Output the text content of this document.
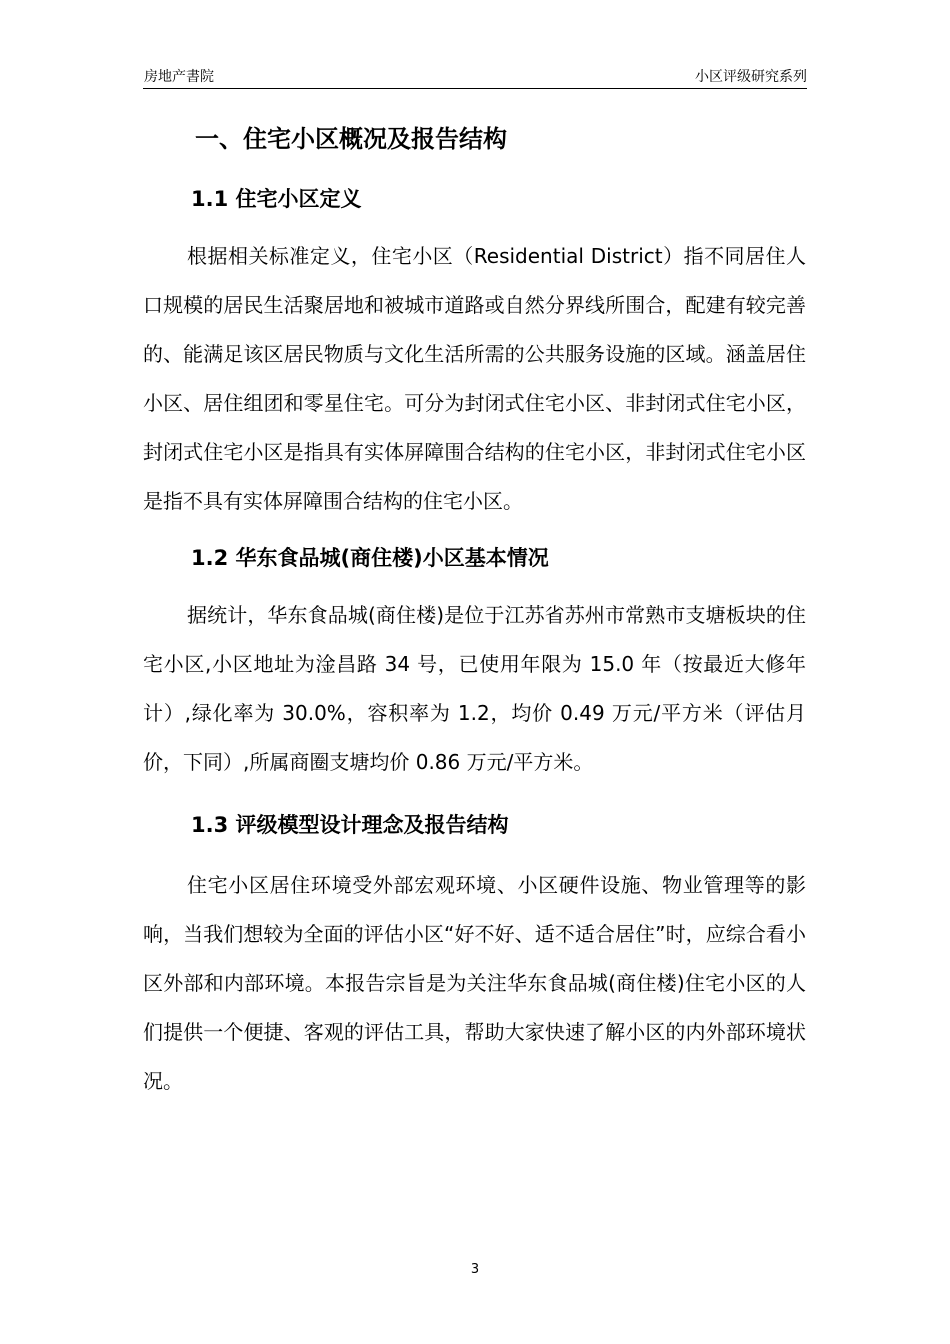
房地产書院	小区评级研究系列
一、住宅小区概况及报告结构
1.1 住宅小区定义

根据相关标准定义，住宅小区（Residential District）指不同居住人口规模的居民生活聚居地和被城市道路或自然分界线所围合，配建有较完善的、能满足该区居民物质与文化生活所需的公共服务设施的区域。涵盖居住小区、居住组团和零星住宅。可分为封闭式住宅小区、非封闭式住宅小区，封闭式住宅小区是指具有实体屏障围合结构的住宅小区，非封闭式住宅小区是指不具有实体屏障围合结构的住宅小区。

1.2 华东食品城(商住楼)小区基本情况

据统计，华东食品城(商住楼)是位于江苏省苏州市常熟市支塘板块的住宅小区,小区地址为淦昌路 34 号，已使用年限为 15.0 年（按最近大修年计）,绿化率为 30.0%，容积率为 1.2，均价 0.49 万元/平方米（评估月价，下同）,所属商圈支塘均价 0.86 万元/平方米。

1.3 评级模型设计理念及报告结构

住宅小区居住环境受外部宏观环境、小区硬件设施、物业管理等的影响，当我们想较为全面的评估小区“好不好、适不适合居住”时，应综合看小区外部和内部环境。本报告宗旨是为关注华东食品城(商住楼)住宅小区的人们提供一个便捷、客观的评估工具，帮助大家快速了解小区的内外部环境状况。

3
